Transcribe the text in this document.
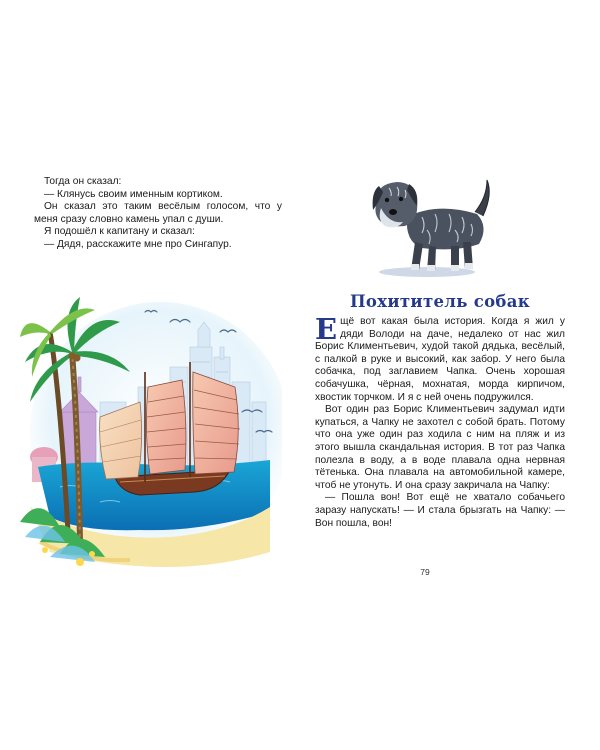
Тогда он сказал:

— Клянусь своим именным кортиком.

Он сказал это таким весёлым голосом, что у меня сразу словно камень упал с души.

Я подошёл к капитану и сказал:

— Дядя, расскажите мне про Сингапур.

Похититель собак

Ещё вот какая была история. Когда я жил у дяди Володи на даче, недалеко от нас жил Борис Климентьевич, худой такой дядька, весёлый, с палкой в руке и высокий, как забор. У него была собачка, под заглавием Чапка. Очень хорошая собачушка, чёрная, мохнатая, морда кирпичом, хвостик торчком. И я с ней очень подружился.

Вот один раз Борис Климентьевич задумал идти купаться, а Чапку не захотел с собой брать. Потому что она уже один раз ходила с ним на пляж и из этого вышла скандальная история. В тот раз Чапка полезла в воду, а в воде плавала одна нервная тётенька. Она плавала на автомобильной камере, чтоб не утонуть. И она сразу закричала на Чапку:

— Пошла вон! Вот ещё не хватало собачьего заразу напускать! — И стала брызгать на Чапку: — Вон пошла, вон!

79
